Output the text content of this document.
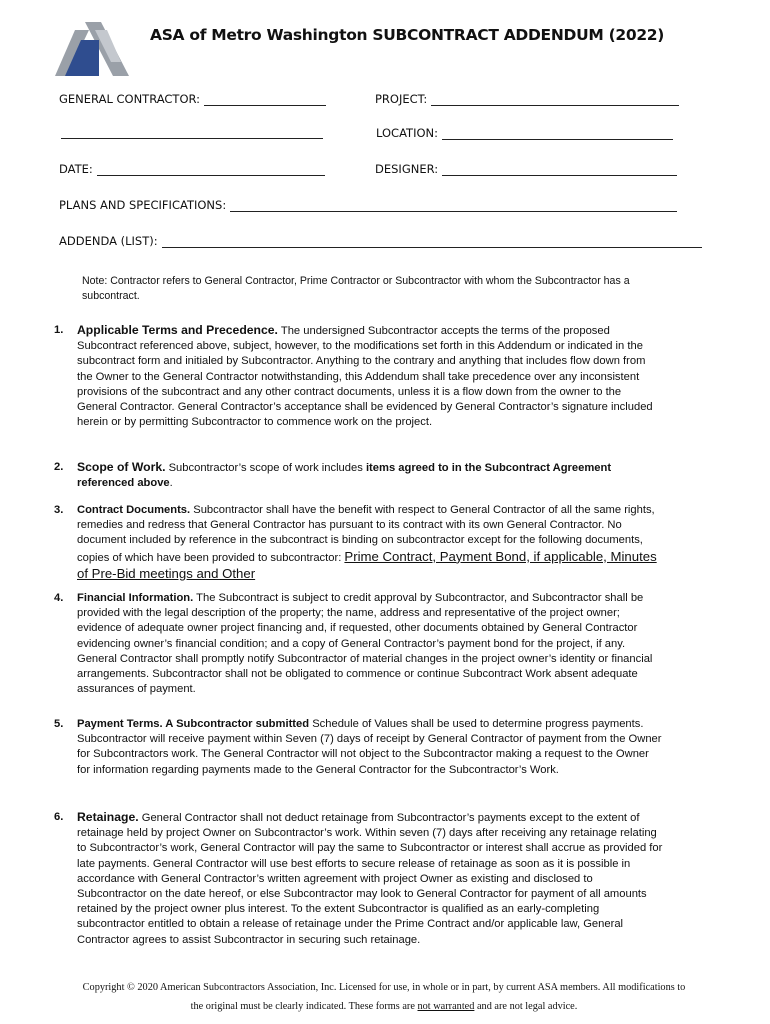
ASA of Metro Washington SUBCONTRACT ADDENDUM (2022)
GENERAL CONTRACTOR:	PROJECT:
LOCATION:
DATE:	DESIGNER:
PLANS AND SPECIFICATIONS:
ADDENDA (LIST):
Note: Contractor refers to General Contractor, Prime Contractor or Subcontractor with whom the Subcontractor has a subcontract.
1. Applicable Terms and Precedence. The undersigned Subcontractor accepts the terms of the proposed Subcontract referenced above, subject, however, to the modifications set forth in this Addendum or indicated in the subcontract form and initialed by Subcontractor. Anything to the contrary and anything that includes flow down from the Owner to the General Contractor notwithstanding, this Addendum shall take precedence over any inconsistent provisions of the subcontract and any other contract documents, unless it is a flow down from the owner to the General Contractor. General Contractor’s acceptance shall be evidenced by General Contractor’s signature included herein or by permitting Subcontractor to commence work on the project.
2. Scope of Work. Subcontractor’s scope of work includes items agreed to in the Subcontract Agreement referenced above.
3. Contract Documents. Subcontractor shall have the benefit with respect to General Contractor of all the same rights, remedies and redress that General Contractor has pursuant to its contract with its own General Contractor. No document included by reference in the subcontract is binding on subcontractor except for the following documents, copies of which have been provided to subcontractor: Prime Contract, Payment Bond, if applicable, Minutes of Pre-Bid meetings and Other
4. Financial Information. The Subcontract is subject to credit approval by Subcontractor, and Subcontractor shall be provided with the legal description of the property; the name, address and representative of the project owner; evidence of adequate owner project financing and, if requested, other documents obtained by General Contractor evidencing owner’s financial condition; and a copy of General Contractor’s payment bond for the project, if any. General Contractor shall promptly notify Subcontractor of material changes in the project owner’s identity or financial arrangements. Subcontractor shall not be obligated to commence or continue Subcontract Work absent adequate assurances of payment.
5. Payment Terms. A Subcontractor submitted Schedule of Values shall be used to determine progress payments. Subcontractor will receive payment within Seven (7) days of receipt by General Contractor of payment from the Owner for Subcontractors work. The General Contractor will not object to the Subcontractor making a request to the Owner for information regarding payments made to the General Contractor for the Subcontractor’s Work.
6. Retainage. General Contractor shall not deduct retainage from Subcontractor’s payments except to the extent of retainage held by project Owner on Subcontractor’s work. Within seven (7) days after receiving any retainage relating to Subcontractor’s work, General Contractor will pay the same to Subcontractor or interest shall accrue as provided for late payments. General Contractor will use best efforts to secure release of retainage as soon as it is possible in accordance with General Contractor’s written agreement with project Owner as existing and disclosed to Subcontractor on the date hereof, or else Subcontractor may look to General Contractor for payment of all amounts retained by the project owner plus interest. To the extent Subcontractor is qualified as an early-completing subcontractor entitled to obtain a release of retainage under the Prime Contract and/or applicable law, General Contractor agrees to assist Subcontractor in securing such retainage.
Copyright © 2020 American Subcontractors Association, Inc. Licensed for use, in whole or in part, by current ASA members. All modifications to
the original must be clearly indicated. These forms are not warranted and are not legal advice.
